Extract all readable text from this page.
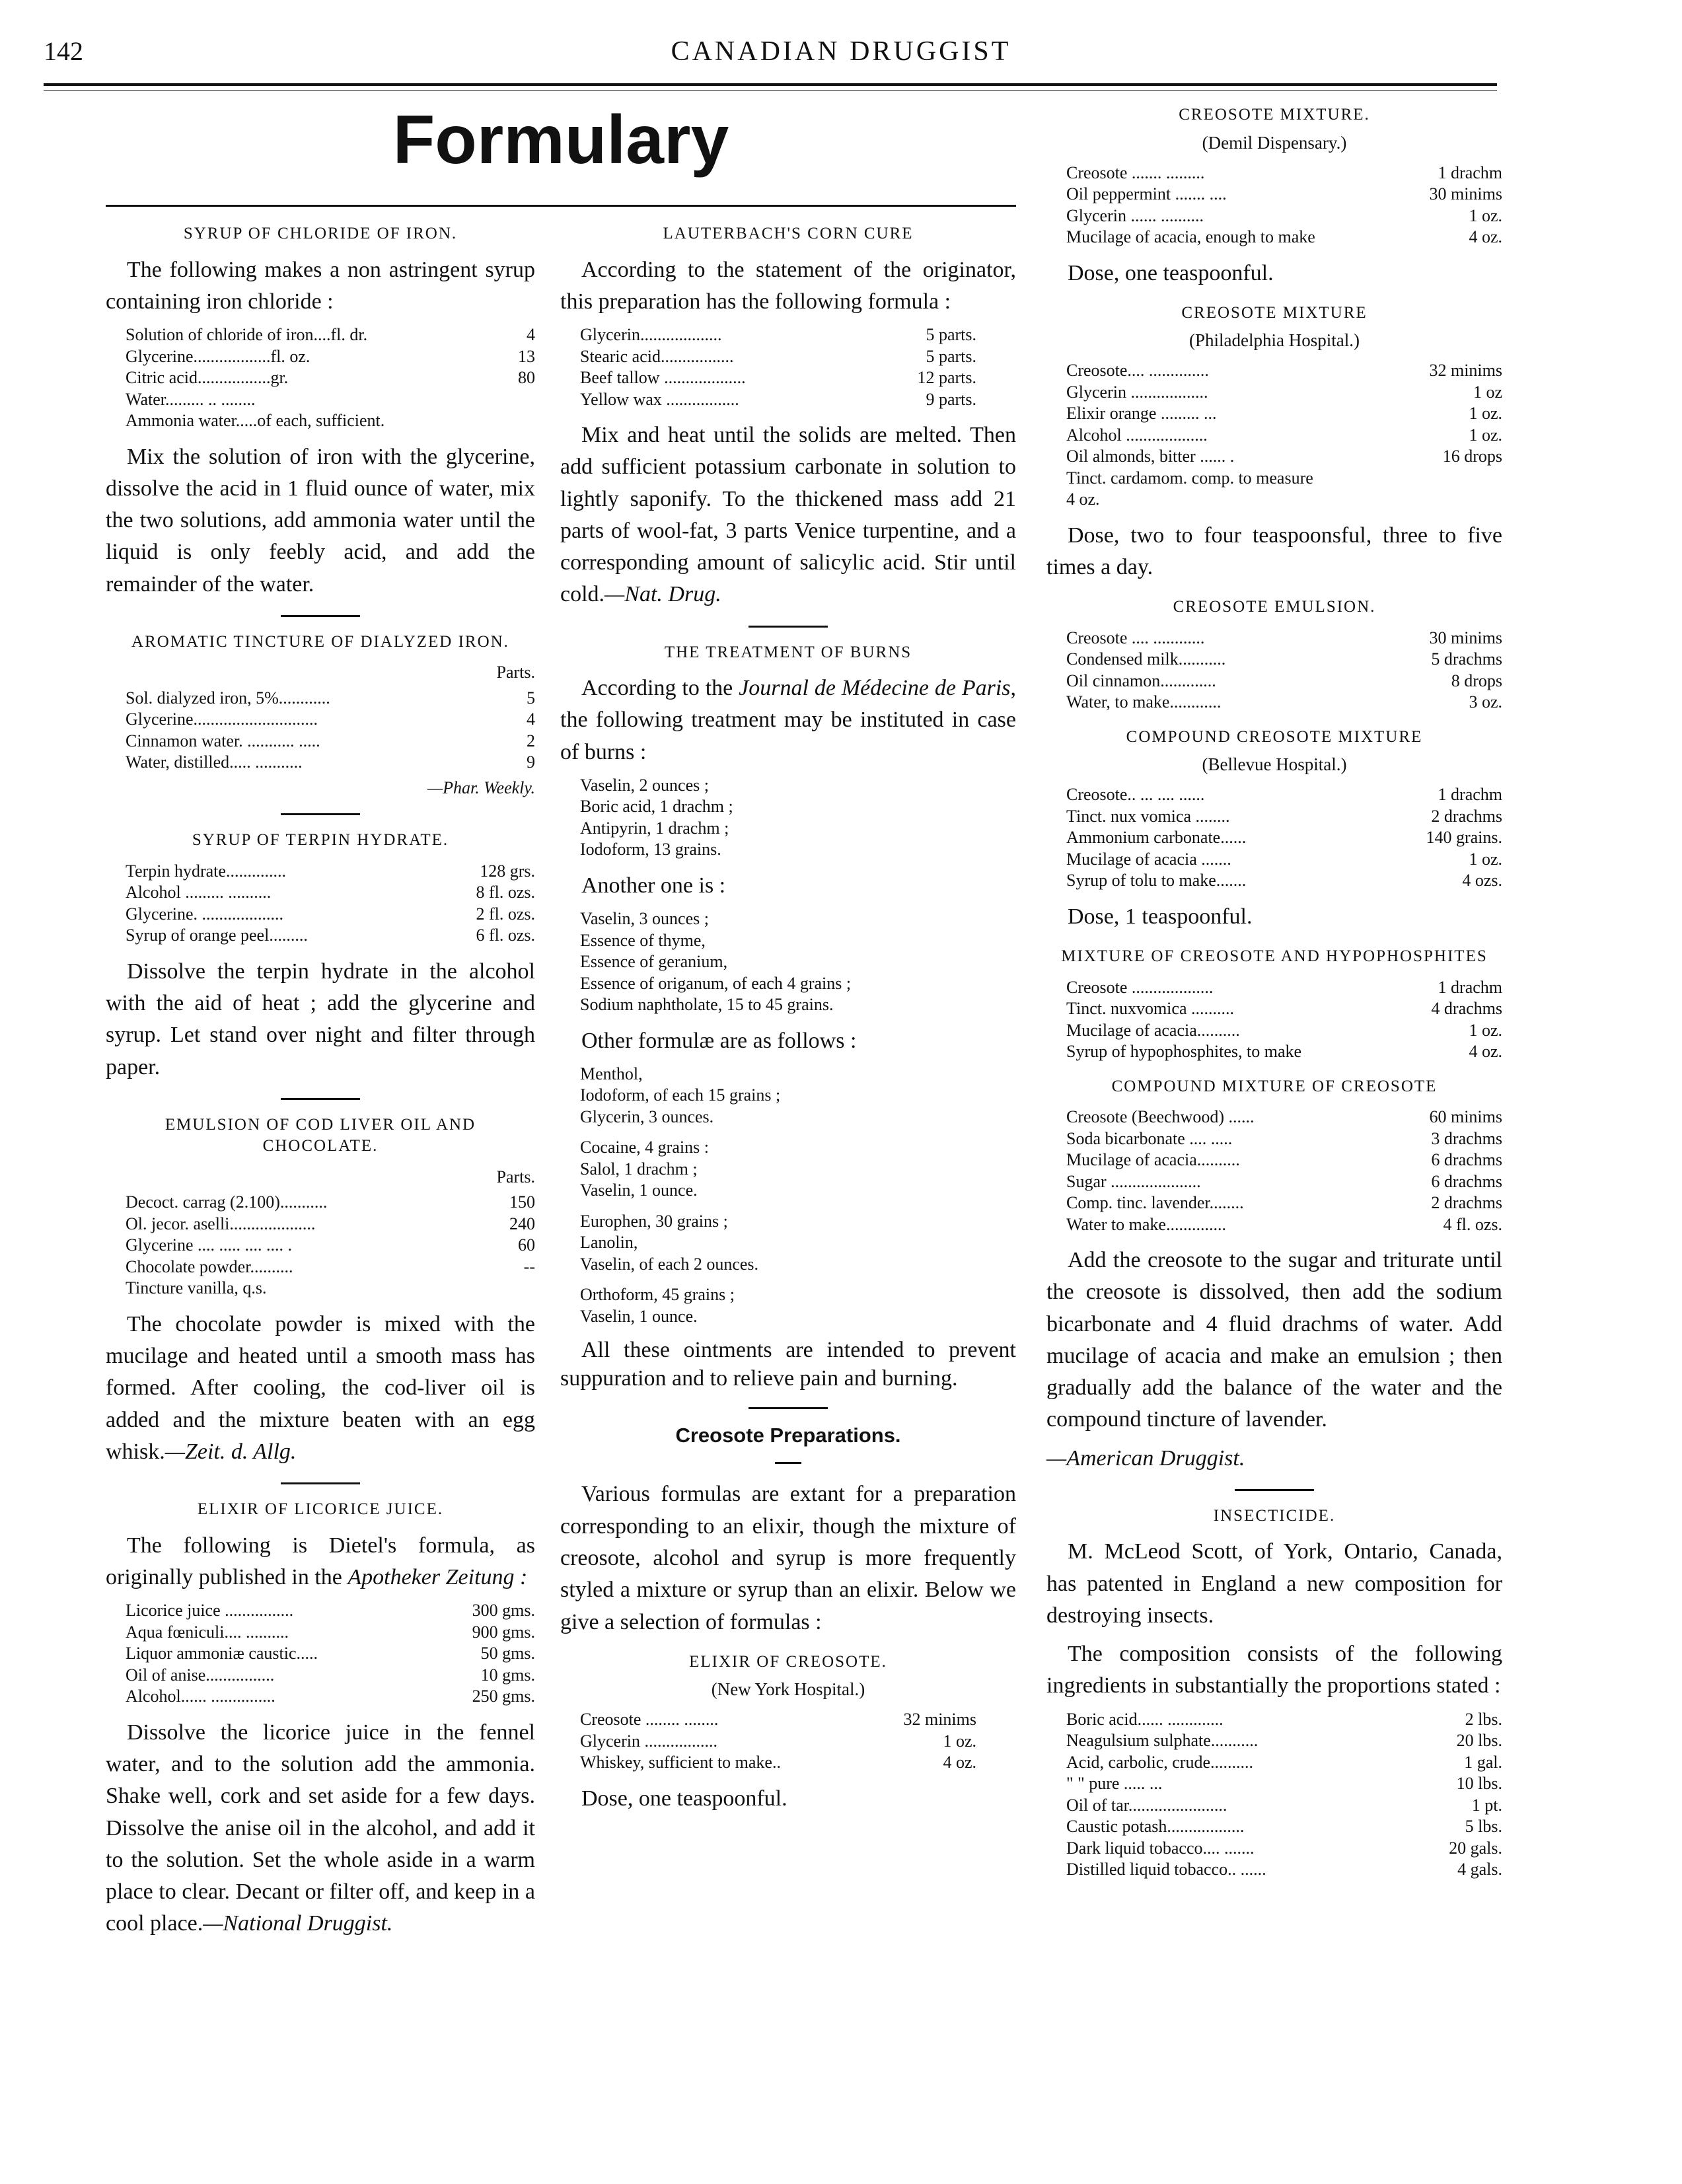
142	CANADIAN DRUGGIST
Formulary
SYRUP OF CHLORIDE OF IRON.

The following makes a non astringent syrup containing iron chloride :

Solution of chloride of iron....fl. dr.	4
Glycerine..................fl. oz.	13
Citric acid.................gr.	80
Water......... .. ........
Ammonia water.....of each, sufficient.

Mix the solution of iron with the glycerine, dissolve the acid in 1 fluid ounce of water, mix the two solutions, add ammonia water until the liquid is only feebly acid, and add the remainder of the water.

AROMATIC TINCTURE OF DIALYZED IRON.
Parts.
Sol. dialyzed iron, 5%............	5
Glycerine.............................	4
Cinnamon water. ........... .....	2
Water, distilled..... ...........	9
—Phar. Weekly.
SYRUP OF TERPIN HYDRATE.
Terpin hydrate..............	128 grs.
Alcohol ......... ..........	8 fl. ozs.
Glycerine. ...................	2 fl. ozs.
Syrup of orange peel.........	6 fl. ozs.

Dissolve the terpin hydrate in the alcohol with the aid of heat ; add the glycerine and syrup. Let stand over night and filter through paper.

EMULSION OF COD LIVER OIL AND CHOCOLATE.
Parts.
Decoct. carrag (2.100)...........	150
Ol. jecor. aselli....................	240
Glycerine .... ..... .... .... .	60
Chocolate powder..........	--
Tincture vanilla, q.s.

The chocolate powder is mixed with the mucilage and heated until a smooth mass has formed. After cooling, the cod-liver oil is added and the mixture beaten with an egg whisk.—Zeit. d. Allg.

ELIXIR OF LICORICE JUICE.

The following is Dietel's formula, as originally published in the Apotheker Zeitung :

Licorice juice ................	300 gms.
Aqua fœniculi.... ..........	900 gms.
Liquor ammoniæ caustic.....	50 gms.
Oil of anise................	10 gms.
Alcohol...... ...............	250 gms.

Dissolve the licorice juice in the fennel water, and to the solution add the ammonia. Shake well, cork and set aside for a few days. Dissolve the anise oil in the alcohol, and add it to the solution. Set the whole aside in a warm place to clear. Decant or filter off, and keep in a cool place.—National Druggist.

LAUTERBACH'S CORN CURE

According to the statement of the originator, this preparation has the following formula :

Glycerin...................	5 parts.
Stearic acid.................	5 parts.
Beef tallow ...................	12 parts.
Yellow wax .................	9 parts.

Mix and heat until the solids are melted. Then add sufficient potassium carbonate in solution to lightly saponify. To the thickened mass add 21 parts of wool-fat, 3 parts Venice turpentine, and a corresponding amount of salicylic acid. Stir until cold.—Nat. Drug.

THE TREATMENT OF BURNS

According to the Journal de Médecine de Paris, the following treatment may be instituted in case of burns :

Vaselin, 2 ounces ;
Boric acid, 1 drachm ;
Antipyrin, 1 drachm ;
Iodoform, 13 grains.

Another one is :

Vaselin, 3 ounces ;
Essence of thyme,
Essence of geranium,
Essence of origanum, of each 4 grains ;
Sodium naphtholate, 15 to 45 grains.

Other formulæ are as follows :

Menthol,
Iodoform, of each 15 grains ;
Glycerin, 3 ounces.
Cocaine, 4 grains :
Salol, 1 drachm ;
Vaselin, 1 ounce.
Europhen, 30 grains ;
Lanolin,
Vaselin, of each 2 ounces.
Orthoform, 45 grains ;
Vaselin, 1 ounce.

All these ointments are intended to prevent suppuration and to relieve pain and burning.

Creosote Preparations.

Various formulas are extant for a preparation corresponding to an elixir, though the mixture of creosote, alcohol and syrup is more frequently styled a mixture or syrup than an elixir. Below we give a selection of formulas :

ELIXIR OF CREOSOTE.
(New York Hospital.)
Creosote ........ ........	32 minims
Glycerin .................	1 oz.
Whiskey, sufficient to make..	4 oz.

Dose, one teaspoonful.

CREOSOTE MIXTURE.
(Demil Dispensary.)
Creosote ....... .........	1 drachm
Oil peppermint ....... ....	30 minims
Glycerin ...... ..........	1 oz.
Mucilage of acacia, enough to make	4 oz.

Dose, one teaspoonful.

CREOSOTE MIXTURE
(Philadelphia Hospital.)
Creosote.... ..............	32 minims
Glycerin ..................	1 oz
Elixir orange ......... ...	1 oz.
Alcohol ...................	1 oz.
Oil almonds, bitter ...... .	16 drops
Tinct. cardamom. comp. to measure
4 oz.

Dose, two to four teaspoonsful, three to five times a day.

CREOSOTE EMULSION.
Creosote .... ............	30 minims
Condensed milk...........	5 drachms
Oil cinnamon.............	8 drops
Water, to make............	3 oz.
COMPOUND CREOSOTE MIXTURE
(Bellevue Hospital.)
Creosote.. ... .... ......	1 drachm
Tinct. nux vomica ........	2 drachms
Ammonium carbonate......	140 grains.
Mucilage of acacia .......	1 oz.
Syrup of tolu to make.......	4 ozs.

Dose, 1 teaspoonful.

MIXTURE OF CREOSOTE AND HYPOPHOSPHITES
Creosote ...................	1 drachm
Tinct. nuxvomica ..........	4 drachms
Mucilage of acacia..........	1 oz.
Syrup of hypophosphites, to make	4 oz.
COMPOUND MIXTURE OF CREOSOTE
Creosote (Beechwood) ......	60 minims
Soda bicarbonate .... .....	3 drachms
Mucilage of acacia..........	6 drachms
Sugar .....................	6 drachms
Comp. tinc. lavender........	2 drachms
Water to make..............	4 fl. ozs.

Add the creosote to the sugar and triturate until the creosote is dissolved, then add the sodium bicarbonate and 4 fluid drachms of water. Add mucilage of acacia and make an emulsion ; then gradually add the balance of the water and the compound tincture of lavender.

—American Druggist.

INSECTICIDE.

M. McLeod Scott, of York, Ontario, Canada, has patented in England a new composition for destroying insects.

The composition consists of the following ingredients in substantially the proportions stated :

Boric acid...... .............	2 lbs.
Neagulsium sulphate...........	20 lbs.
Acid, carbolic, crude..........	1 gal.
" " pure ..... ...	10 lbs.
Oil of tar.......................	1 pt.
Caustic potash..................	5 lbs.
Dark liquid tobacco.... .......	20 gals.
Distilled liquid tobacco.. ......	4 gals.
